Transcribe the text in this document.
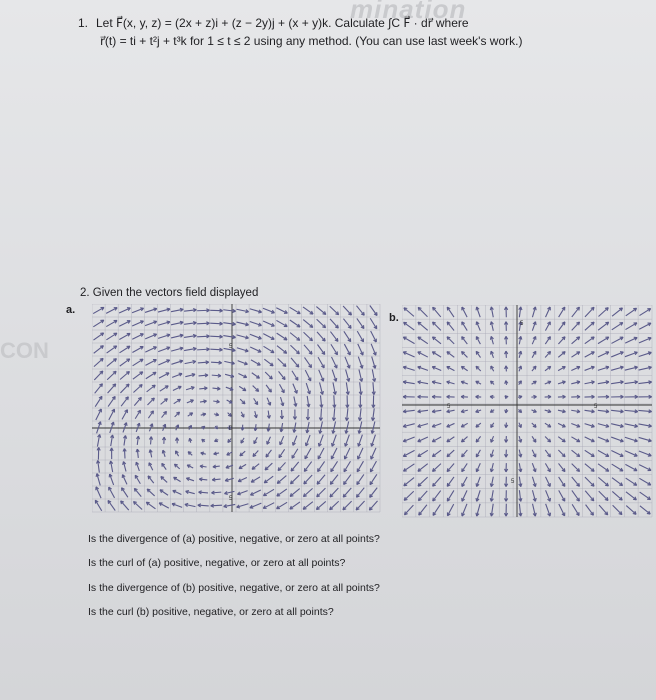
mination
CON
1. Let F⃗(x, y, z) = (2x + z)i + (z − 2y)j + (x + y)k. Calculate ∫C F⃗ · dr⃗ where
r⃗(t) = ti + t²j + t³k for 1 ≤ t ≤ 2 using any method. (You can use last week's work.)
2. Given the vectors field displayed
a.
b.
5
0
5
5
5	5
5
Is the divergence of (a) positive, negative, or zero at all points?
Is the curl of (a) positive, negative, or zero at all points?
Is the divergence of (b) positive, negative, or zero at all points?
Is the curl (b) positive, negative, or zero at all points?
